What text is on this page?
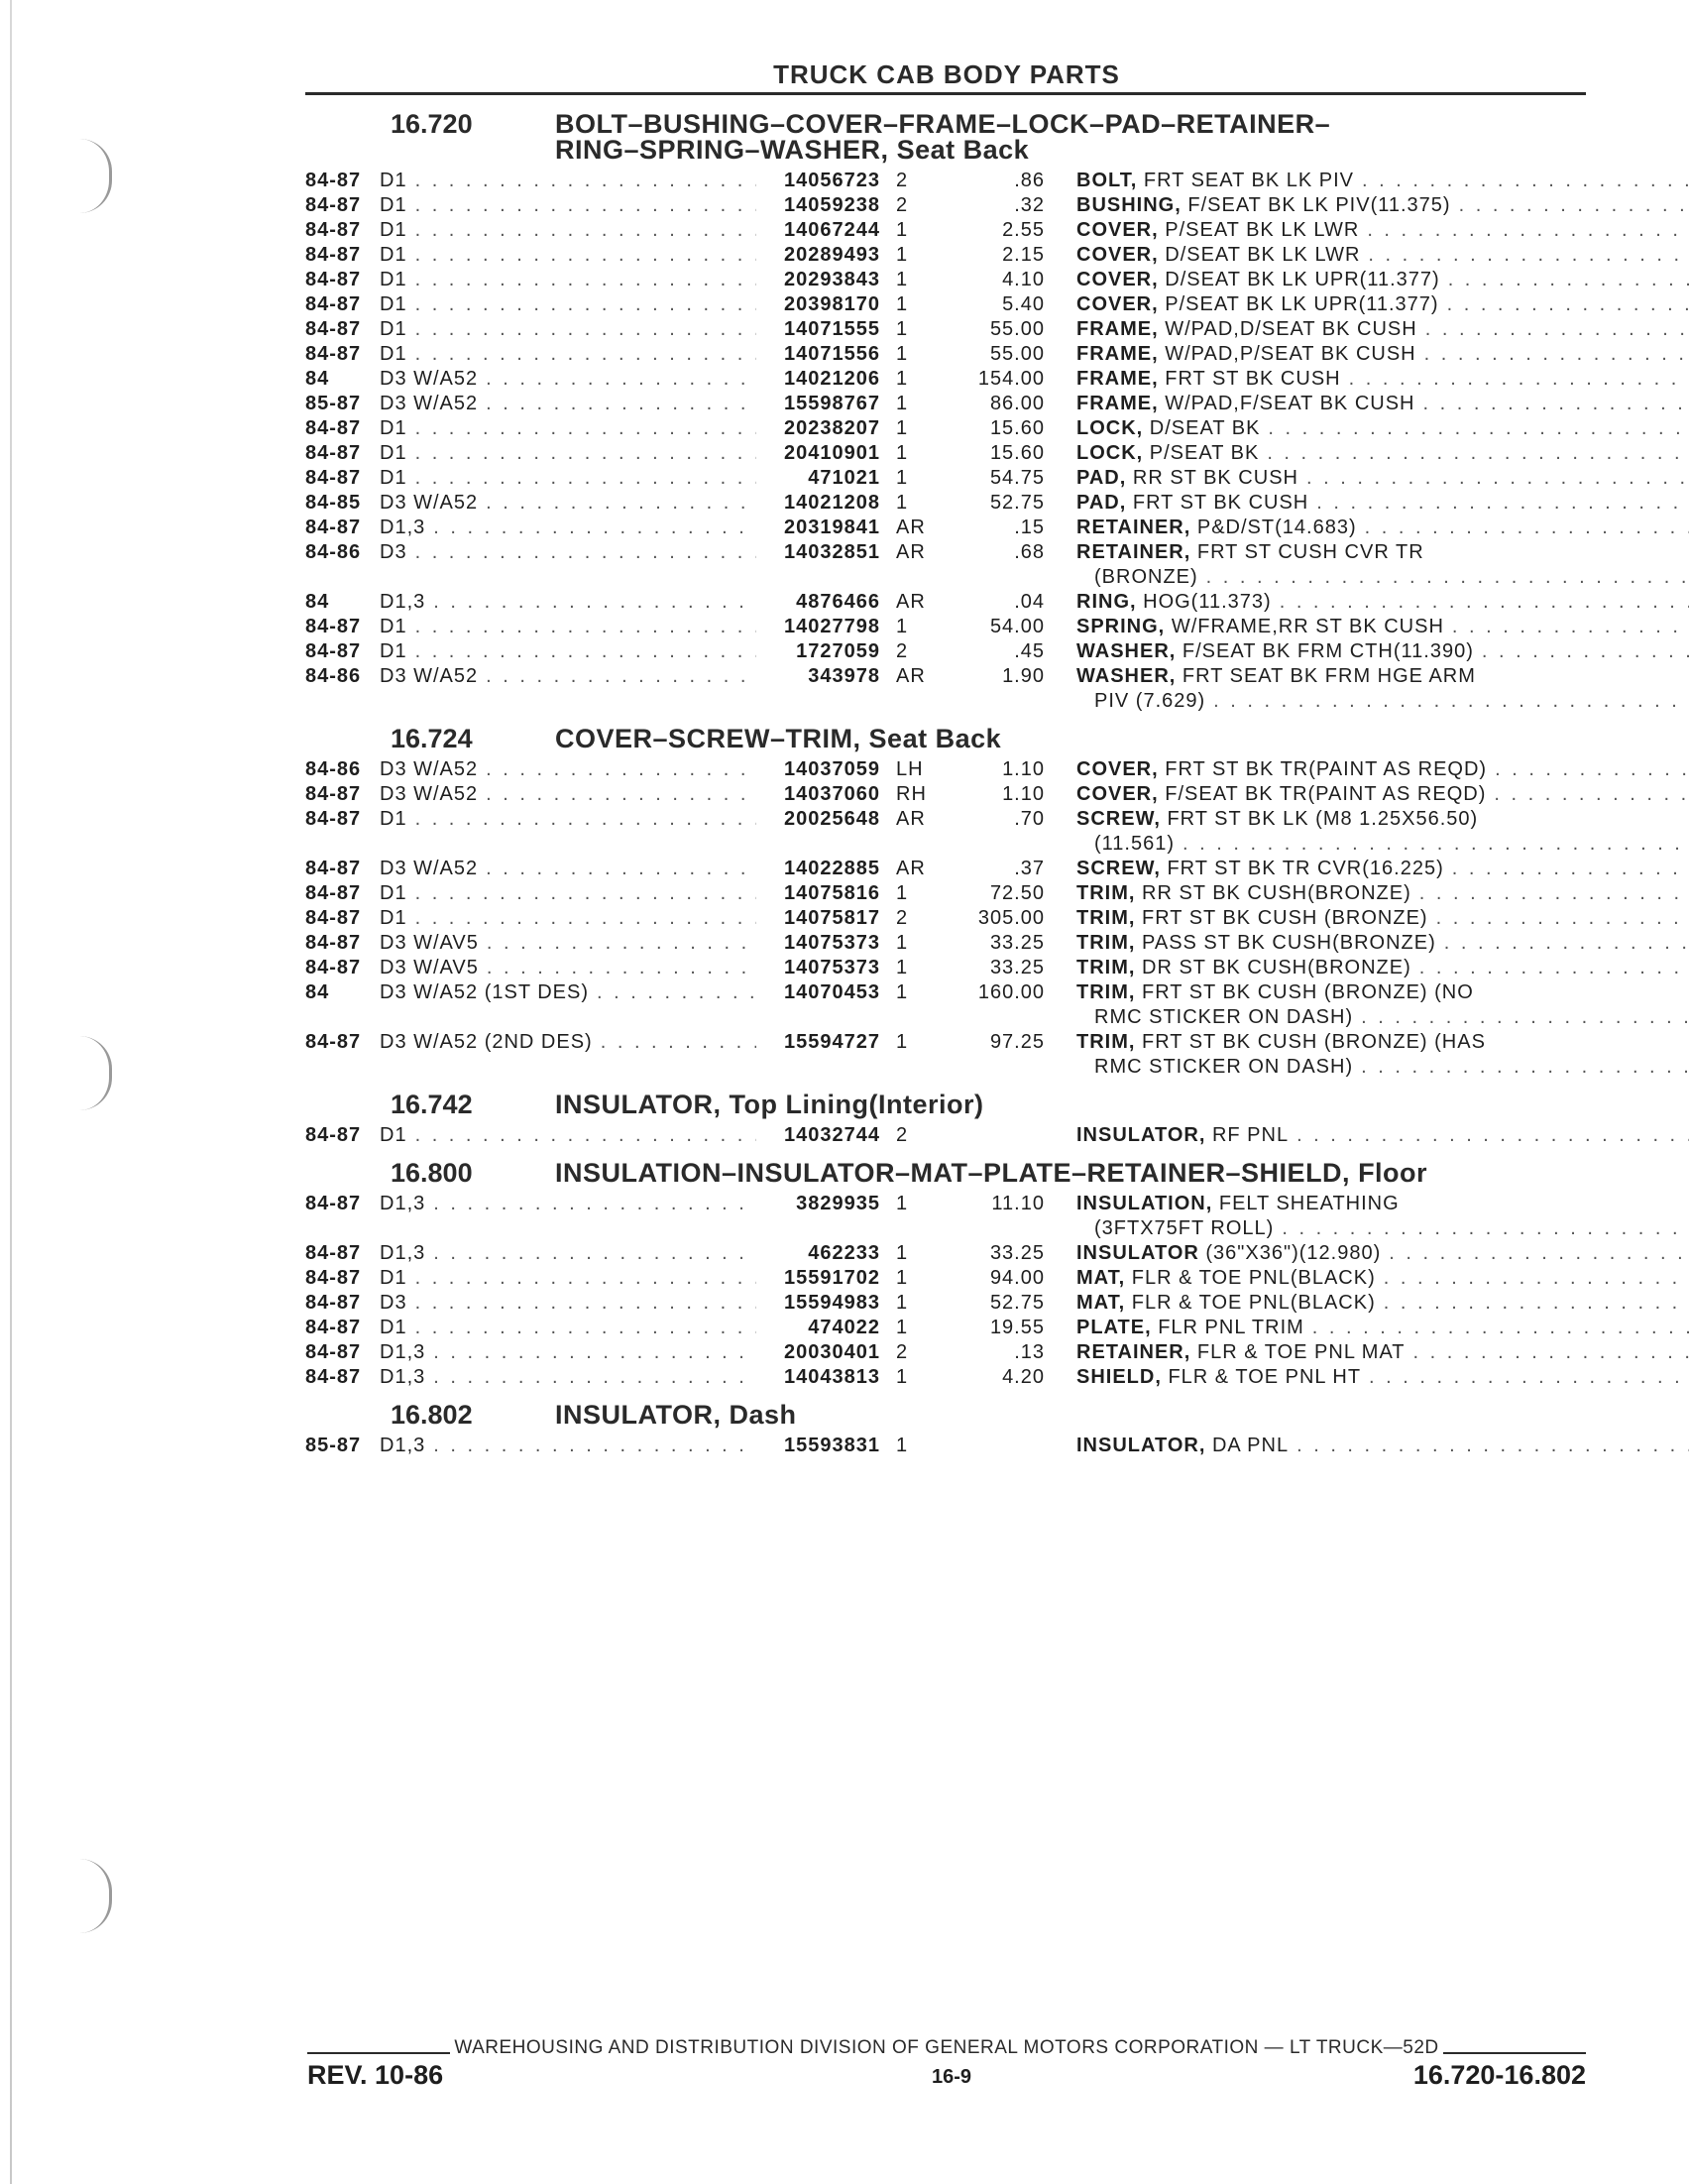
TRUCK CAB BODY PARTS
16.720	BOLT–BUSHING–COVER–FRAME–LOCK–PAD–RETAINER–
RING–SPRING–WASHER, Seat Back
84-87 D1 . . .	14056723 2	.86 BOLT, FRT SEAT BK LK PIV
. . .
84-87 D1 . . .	14059238 2	.32 BUSHING, F/SEAT BK LK PIV(11.375)
. . .
84-87 D1 . . .	14067244 1	2.55 COVER, P/SEAT BK LK LWR
. . .
84-87 D1 . . .	20289493 1	2.15 COVER, D/SEAT BK LK LWR
. . .
84-87 D1 . . .	20293843 1	4.10 COVER, D/SEAT BK LK UPR(11.377)
. . .
84-87 D1 . . .	20398170 1	5.40 COVER, P/SEAT BK LK UPR(11.377)
. . .
84-87 D1 . . .	14071555 1	55.00 FRAME, W/PAD,D/SEAT BK CUSH
. . .
84-87 D1 . . .	14071556 1	55.00 FRAME, W/PAD,P/SEAT BK CUSH
. . .
84	D3 W/A52 . . .	14021206 1	154.00 FRAME, FRT ST BK CUSH
. . .
85-87 D3 W/A52 . . .	15598767 1	86.00 FRAME, W/PAD,F/SEAT BK CUSH
. . .
84-87 D1 . . .	20238207 1	15.60 LOCK, D/SEAT BK
. . .
84-87 D1 . . .	20410901 1	15.60 LOCK, P/SEAT BK
. . .
84-87 D1 . . .	471021 1	54.75 PAD, RR ST BK CUSH
. . .
84-85 D3 W/A52 . . .	14021208 1	52.75 PAD, FRT ST BK CUSH
. . .
84-87 D1,3 . . .	20319841 AR	.15 RETAINER, P&D/ST(14.683)
. . .
84-86 D3 . . .	14032851 AR	.68 RETAINER, FRT ST CUSH CVR TR
(BRONZE)
. . .
84	D1,3 . . .	4876466 AR	.04 RING, HOG(11.373)
. . .
84-87 D1 . . .	14027798 1	54.00 SPRING, W/FRAME,RR ST BK CUSH
. . .
84-87 D1 . . .	1727059 2	.45 WASHER, F/SEAT BK FRM CTH(11.390)
. . .
84-86 D3 W/A52 . . .	343978 AR	1.90 WASHER, FRT SEAT BK FRM HGE ARM
PIV (7.629)
. . .
16.724	COVER–SCREW–TRIM, Seat Back
84-86 D3 W/A52 . . .	14037059 LH	1.10 COVER, FRT ST BK TR(PAINT AS REQD)
. . .
84-87 D3 W/A52 . . .	14037060 RH	1.10 COVER, F/SEAT BK TR(PAINT AS REQD)
. . .
84-87 D1 . . .	20025648 AR	.70 SCREW, FRT ST BK LK (M8 1.25X56.50)
(11.561)
. . .
84-87 D3 W/A52 . . .	14022885 AR	.37 SCREW, FRT ST BK TR CVR(16.225)
. . .
84-87 D1 . . .	14075816 1	72.50 TRIM, RR ST BK CUSH(BRONZE)
. . .
84-87 D1 . . .	14075817 2	305.00 TRIM, FRT ST BK CUSH (BRONZE)
. . .
84-87 D3 W/AV5 . . .	14075373 1	33.25 TRIM, PASS ST BK CUSH(BRONZE)
. . .
84-87 D3 W/AV5 . . .	14075373 1	33.25 TRIM, DR ST BK CUSH(BRONZE)
. . .
84	D3 W/A52 (1ST DES) . . .	14070453 1	160.00 TRIM, FRT ST BK CUSH (BRONZE) (NO
RMC STICKER ON DASH)
. . .
84-87 D3 W/A52 (2ND DES) . . .	15594727 1	97.25 TRIM, FRT ST BK CUSH (BRONZE) (HAS
RMC STICKER ON DASH)
. . .
16.742	INSULATOR, Top Lining(Interior)
84-87 D1 . . .	14032744 2	INSULATOR, RF PNL
. . .
16.800	INSULATION–INSULATOR–MAT–PLATE–RETAINER–SHIELD, Floor
84-87 D1,3 . . .	3829935 1	11.10 INSULATION, FELT SHEATHING
(3FTX75FT ROLL)
. . .
84-87 D1,3 . . .	462233 1	33.25 INSULATOR (36"X36")(12.980)
. . .
84-87 D1 . . .	15591702 1	94.00 MAT, FLR & TOE PNL(BLACK)
. . .
84-87 D3 . . .	15594983 1	52.75 MAT, FLR & TOE PNL(BLACK)
. . .
84-87 D1 . . .	474022 1	19.55 PLATE, FLR PNL TRIM
. . .
84-87 D1,3 . . .	20030401 2	.13 RETAINER, FLR & TOE PNL MAT
. . .
84-87 D1,3 . . .	14043813 1	4.20 SHIELD, FLR & TOE PNL HT
. . .
16.802	INSULATOR, Dash
85-87 D1,3 . . .	15593831 1	INSULATOR, DA PNL
. . .
WAREHOUSING AND DISTRIBUTION DIVISION OF GENERAL MOTORS CORPORATION — LT TRUCK—52D
REV. 10-86	16-9	16.720-16.802
